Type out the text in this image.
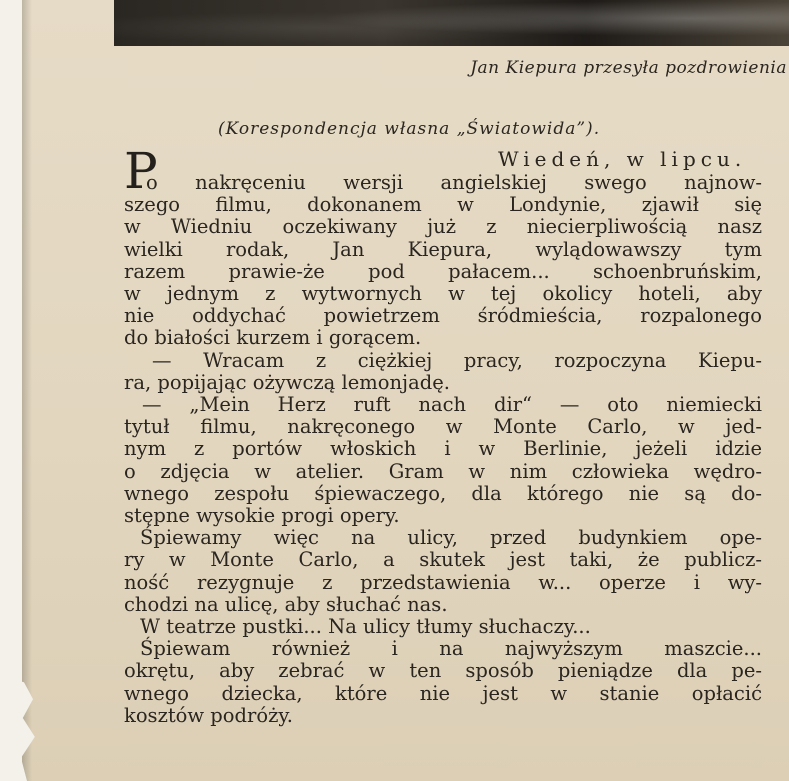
Jan Kiepura przesyła pozdrowienia
(Korespondencja własna „Światowida”).
P	Wiedeń, w lipcu.
o nakręceniu wersji angielskiej swego najnow-
szego filmu, dokonanem w Londynie, zjawił się
w Wiedniu oczekiwany już z niecierpliwością nasz
wielki rodak, Jan Kiepura, wylądowawszy tym
razem prawie-że pod pałacem... schoenbruńskim,
w jednym z wytwornych w tej okolicy hoteli, aby
nie oddychać powietrzem śródmieścia, rozpalonego
do białości kurzem i gorącem.
— Wracam z ciężkiej pracy, rozpoczyna Kiepu-
ra, popijając ożywczą lemonjadę.
— „Mein Herz ruft nach dir“ — oto niemiecki
tytuł filmu, nakręconego w Monte Carlo, w jed-
nym z portów włoskich i w Berlinie, jeżeli idzie
o zdjęcia w atelier. Gram w nim człowieka wędro-
wnego zespołu śpiewaczego, dla którego nie są do-
stępne wysokie progi opery.
Śpiewamy więc na ulicy, przed budynkiem ope-
ry w Monte Carlo, a skutek jest taki, że publicz-
ność rezygnuje z przedstawienia w... operze i wy-
chodzi na ulicę, aby słuchać nas.
W teatrze pustki... Na ulicy tłumy słuchaczy...
Śpiewam również i na najwyższym maszcie...
okrętu, aby zebrać w ten sposób pieniądze dla pe-
wnego dziecka, które nie jest w stanie opłacić
kosztów podróży.
